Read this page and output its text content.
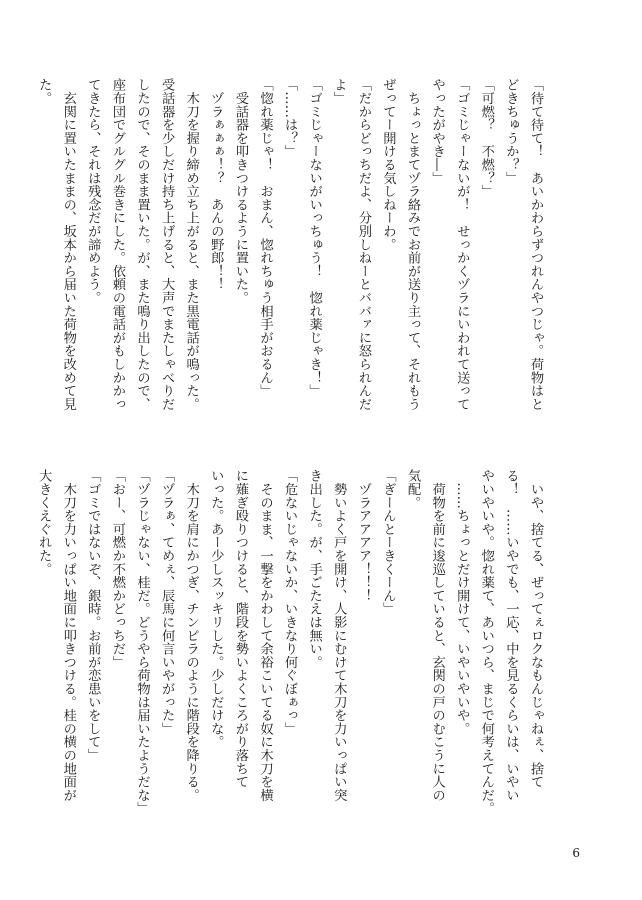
「待て待て！　あいかわらずつれんやつじゃ。荷物はと
どきちゅうか？」
「可燃？　不燃？」
「ゴミじゃーないが！　せっかくヅラにいわれて送って
やったがやき―」
　ちょっとまてヅラ絡みでお前が送り主って、それもう
ぜってー開ける気しねーわ。
「だからどっちだよ、分別しねーとババァに怒られんだ
よ」
「ゴミじゃーないがいっちゅう！　惚れ薬じゃき！」
「……は？」
「惚れ薬じゃ！　おまん、惚れちゅう相手がおるん」
　受話器を叩きつけるように置いた。
　ヅラぁぁぁ！？　あんの野郎！！
　木刀を握り締め立ち上がると、また黒電話が鳴った。
受話器を少しだけ持ち上げると、大声でまたしゃべりだ
したので、そのまま置いた。が、また鳴り出したので、
座布団でグルグル巻きにした。依頼の電話がもしかかっ
てきたら、それは残念だが諦めよう。
　玄関に置いたままの、坂本から届いた荷物を改めて見
た。
　いや、捨てる、ぜってぇロクなもんじゃねぇ、捨て
る！　……いやでも、一応、中を見るくらいは、いやい
やいやいや。惚れ薬て、あいつら、まじで何考えてんだ。
　……ちょっとだけ開けて、いやいやいや。
　荷物を前に逡巡していると、玄関の戸のむこうに人の
気配。
「ぎーんとーきくーん」
　ヅラアアアア！！！
　勢いよく戸を開け、人影にむけて木刀を力いっぱい突
き出した。が、手ごたえは無い。
「危ないじゃないか、いきなり何ぐぼぁっ」
　そのまま、一撃をかわして余裕こいてる奴に木刀を横
に薙ぎ殴りつけると、階段を勢いよくころがり落ちて
いった。あー少しスッキリした。少しだけな。
　木刀を肩にかつぎ、チンピラのように階段を降りる。
「ヅラぁ、てめぇ、辰馬に何言いやがった」
「ヅラじゃない、桂だ。どうやら荷物は届いたようだな」
「おー、可燃か不燃かどっちだ」
「ゴミではないぞ、銀時。お前が恋患いをして」
　木刀を力いっぱい地面に叩きつける。桂の横の地面が
大きくえぐれた。
6
